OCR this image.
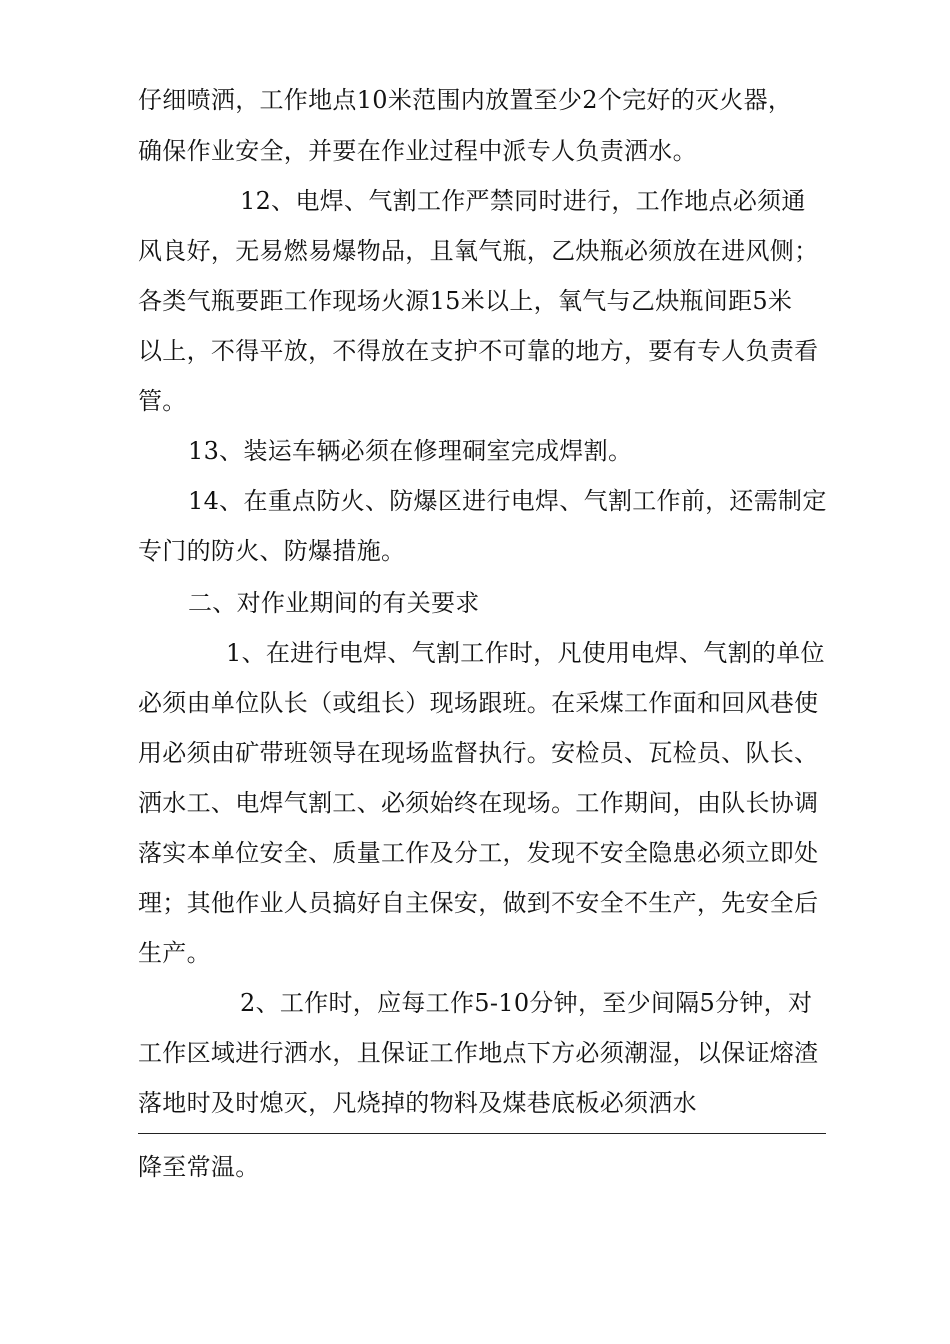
仔细喷洒，工作地点10米范围内放置至少2个完好的灭火器，
确保作业安全，并要在作业过程中派专人负责洒水。
12、电焊、气割工作严禁同时进行，工作地点必须通
风良好，无易燃易爆物品，且氧气瓶，乙炔瓶必须放在进风侧；
各类气瓶要距工作现场火源15米以上，氧气与乙炔瓶间距5米
以上，不得平放，不得放在支护不可靠的地方，要有专人负责看
管。
13、装运车辆必须在修理硐室完成焊割。
14、在重点防火、防爆区进行电焊、气割工作前，还需制定
专门的防火、防爆措施。
二、对作业期间的有关要求
1、在进行电焊、气割工作时，凡使用电焊、气割的单位
必须由单位队长（或组长）现场跟班。在采煤工作面和回风巷使
用必须由矿带班领导在现场监督执行。安检员、瓦检员、队长、
洒水工、电焊气割工、必须始终在现场。工作期间，由队长协调
落实本单位安全、质量工作及分工，发现不安全隐患必须立即处
理；其他作业人员搞好自主保安，做到不安全不生产，先安全后
生产。
2、工作时，应每工作5-10分钟，至少间隔5分钟，对
工作区域进行洒水，且保证工作地点下方必须潮湿，以保证熔渣
落地时及时熄灭，凡烧掉的物料及煤巷底板必须洒水
降至常温。
